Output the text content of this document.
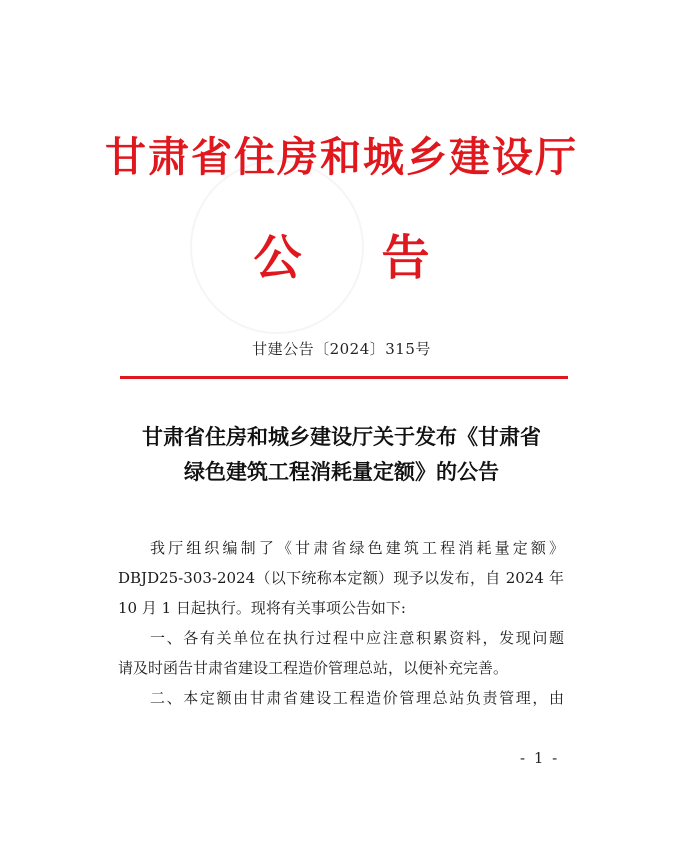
甘肃省住房和城乡建设厅
公告
甘建公告〔2024〕315号
甘肃省住房和城乡建设厅关于发布《甘肃省
绿色建筑工程消耗量定额》的公告

我厅组织编制了《甘肃省绿色建筑工程消耗量定额》

DBJD25-303-2024（以下统称本定额）现予以发布，自 2024 年

10 月 1 日起执行。现将有关事项公告如下:

一、各有关单位在执行过程中应注意积累资料，发现问题

请及时函告甘肃省建设工程造价管理总站，以便补充完善。

二、本定额由甘肃省建设工程造价管理总站负责管理，由

- 1 -
